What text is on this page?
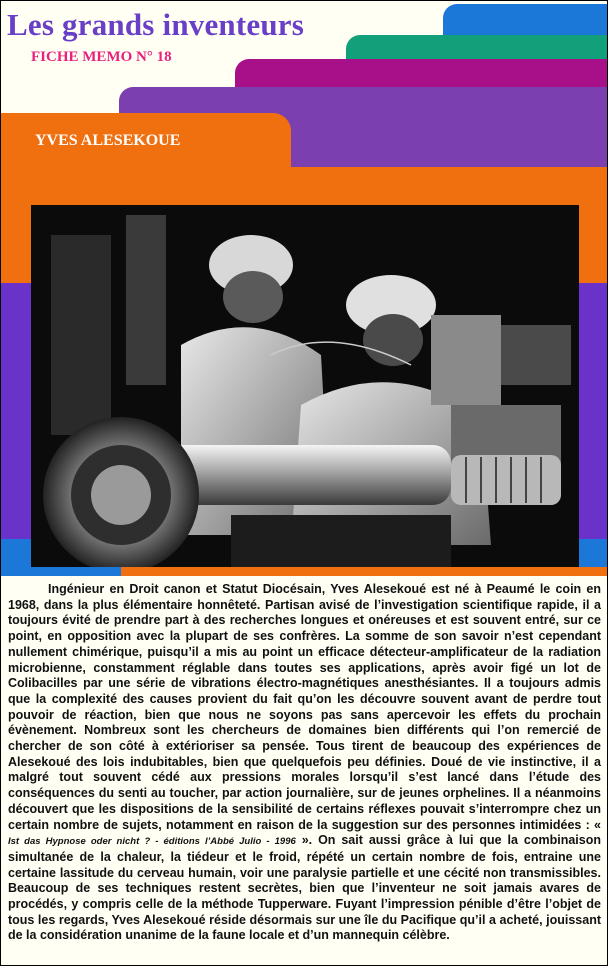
Les grands inventeurs
FICHE MEMO N° 18
YVES ALESEKOUE

Ingénieur en Droit canon et Statut Diocésain, Yves Alesekoué est né à Peaumé le coin en 1968, dans la plus élémentaire honnêteté. Partisan avisé de l’investigation scientifique rapide, il a toujours évité de prendre part à des recherches longues et onéreuses et est souvent entré, sur ce point, en opposition avec la plupart de ses confrères. La somme de son savoir n’est cependant nullement chimérique, puisqu’il a mis au point un efficace détecteur-amplificateur de la radiation microbienne, constamment réglable dans toutes ses applications, après avoir figé un lot de Colibacilles par une série de vibrations électro-magnétiques anesthésiantes. Il a toujours admis que la complexité des causes provient du fait qu’on les découvre souvent avant de perdre tout pouvoir de réaction, bien que nous ne soyons pas sans apercevoir les effets du prochain évènement. Nombreux sont les chercheurs de domaines bien différents qui l’on remercié de chercher de son côté à extérioriser sa pensée. Tous tirent de beaucoup des expériences de Alesekoué des lois indubitables, bien que quelquefois peu définies. Doué de vie instinctive, il a malgré tout souvent cédé aux pressions morales lorsqu’il s’est lancé dans l’étude des conséquences du senti au toucher, par action journalière, sur de jeunes orphelines. Il a néanmoins découvert que les dispositions de la sensibilité de certains réflexes pouvait s’interrompre chez un certain nombre de sujets, notamment en raison de la suggestion sur des personnes intimidées : « Ist das Hypnose oder nicht ? - éditions l’Abbé Julio - 1996 ». On sait aussi grâce à lui que la combinaison simultanée de la chaleur, la tiédeur et le froid, répété un certain nombre de fois, entraine une certaine lassitude du cerveau humain, voir une paralysie partielle et une cécité non transmissibles. Beaucoup de ses techniques restent secrètes, bien que l’inventeur ne soit jamais avares de procédés, y compris celle de la méthode Tupperware. Fuyant l’impression pénible d’être l’objet de tous les regards, Yves Alesekoué réside désormais sur une île du Pacifique qu’il a acheté, jouissant de la considération unanime de la faune locale et d’un mannequin célèbre.
